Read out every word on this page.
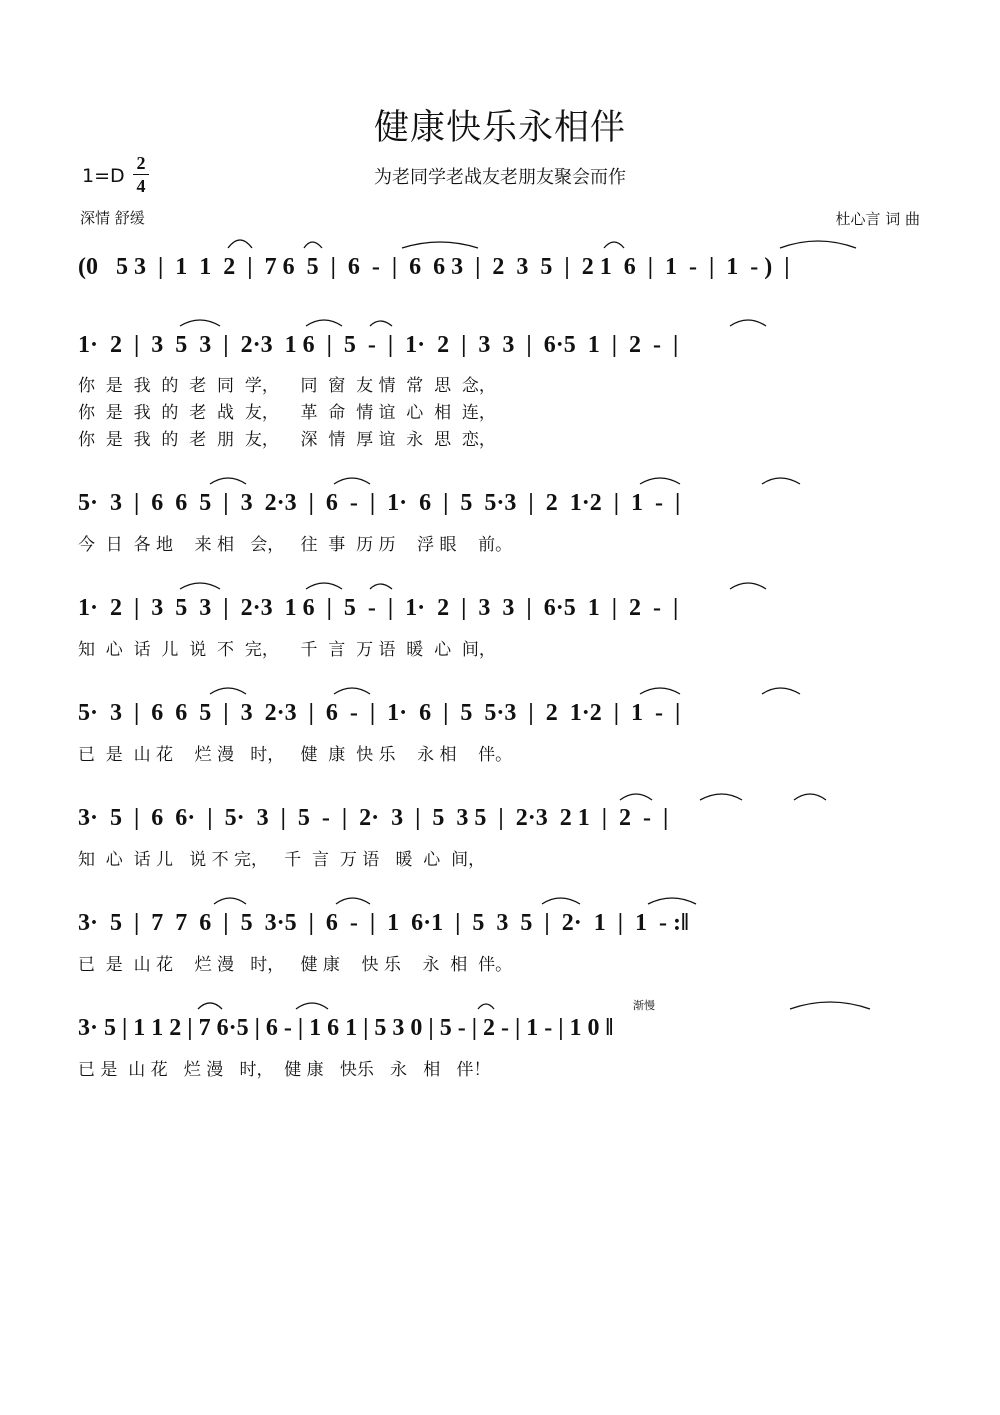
健康快乐永相伴
为老同学老战友老朋友聚会而作
1=D
2
4
深情 舒缓	杜心言 词 曲
(0   5 3  |  1  1  2  |  7 6  5  |  6  -  |  6  6 3  |  2  3  5  |  2 1  6  |  1  -  |  1  - )  |
1·  2  |  3  5  3  |  2·3  1 6  |  5  -  |  1·  2  |  3  3  |  6·5  1  |  2  -  |
你  是  我  的  老  同  学，    同  窗  友 情  常  思  念，
你  是  我  的  老  战  友，    革  命  情 谊  心  相  连，
你  是  我  的  老  朋  友，    深  情  厚 谊  永  思  恋，
5·  3  |  6  6  5  |  3  2·3  |  6  -  |  1·  6  |  5  5·3  |  2  1·2  |  1  -  |
今  日  各 地    来 相   会，   往  事  历 历    浮 眼    前。
1·  2  |  3  5  3  |  2·3  1 6  |  5  -  |  1·  2  |  3  3  |  6·5  1  |  2  -  |
知  心  话  儿  说  不  完，    千  言  万 语  暖  心  间，
5·  3  |  6  6  5  |  3  2·3  |  6  -  |  1·  6  |  5  5·3  |  2  1·2  |  1  -  |
已  是  山 花    烂 漫   时，   健  康  快 乐    永 相    伴。
3·  5  |  6  6·  |  5·  3  |  5  -  |  2·  3  |  5  3 5  |  2·3  2 1  |  2  -  |
知  心  话 儿   说 不 完，   千  言  万 语   暖  心  间，
3·  5  |  7  7  6  |  5  3·5  |  6  -  |  1  6·1  |  5  3  5  |  2·  1  |  1  - :‖
已  是  山 花    烂 漫   时，   健 康    快 乐    永  相  伴。
渐慢
3· 5 | 1 1 2 | 7 6·5 | 6 - | 1 6 1 | 5 3 0 | 5 - | 2 - | 1 - | 1 0 ‖
已 是  山 花   烂 漫   时，  健 康   快乐   永   相   伴！
